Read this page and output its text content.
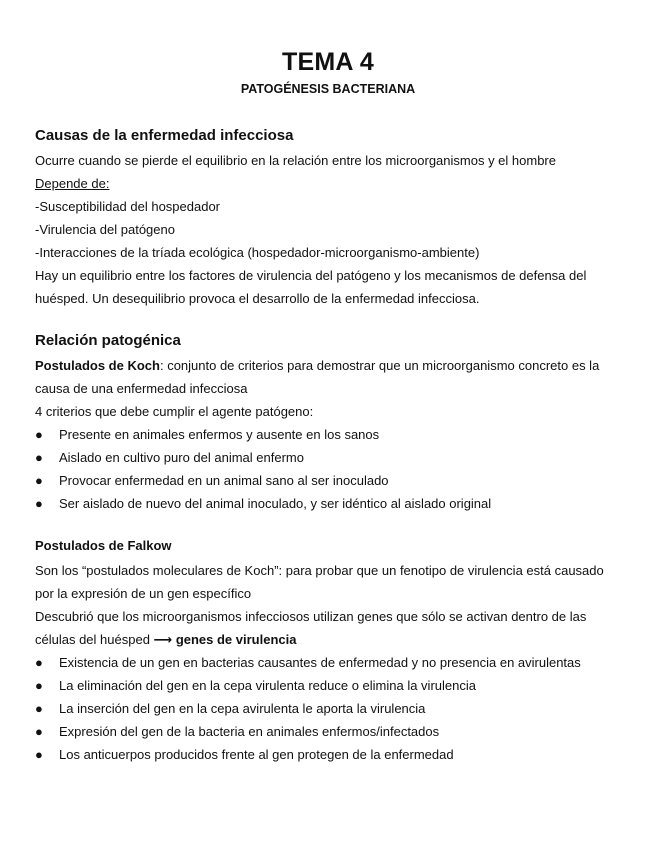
TEMA 4
PATOGÉNESIS BACTERIANA
Causas de la enfermedad infecciosa

Ocurre cuando se pierde el equilibrio en la relación entre los microorganismos y el hombre

Depende de:

-Susceptibilidad del hospedador

-Virulencia del patógeno

-Interacciones de la tríada ecológica (hospedador-microorganismo-ambiente)

Hay un equilibrio entre los factores de virulencia del patógeno y los mecanismos de defensa del huésped. Un desequilibrio provoca el desarrollo de la enfermedad infecciosa.

Relación patogénica

Postulados de Koch: conjunto de criterios para demostrar que un microorganismo concreto es la causa de una enfermedad infecciosa

4 criterios que debe cumplir el agente patógeno:

● Presente en animales enfermos y ausente en los sanos
● Aislado en cultivo puro del animal enfermo
● Provocar enfermedad en un animal sano al ser inoculado
● Ser aislado de nuevo del animal inoculado, y ser idéntico al aislado original
Postulados de Falkow

Son los “postulados moleculares de Koch”: para probar que un fenotipo de virulencia está causado por la expresión de un gen específico

Descubrió que los microorganismos infecciosos utilizan genes que sólo se activan dentro de las células del huésped ⟶ genes de virulencia

● Existencia de un gen en bacterias causantes de enfermedad y no presencia en avirulentas
● La eliminación del gen en la cepa virulenta reduce o elimina la virulencia
● La inserción del gen en la cepa avirulenta le aporta la virulencia
● Expresión del gen de la bacteria en animales enfermos/infectados
● Los anticuerpos producidos frente al gen protegen de la enfermedad
